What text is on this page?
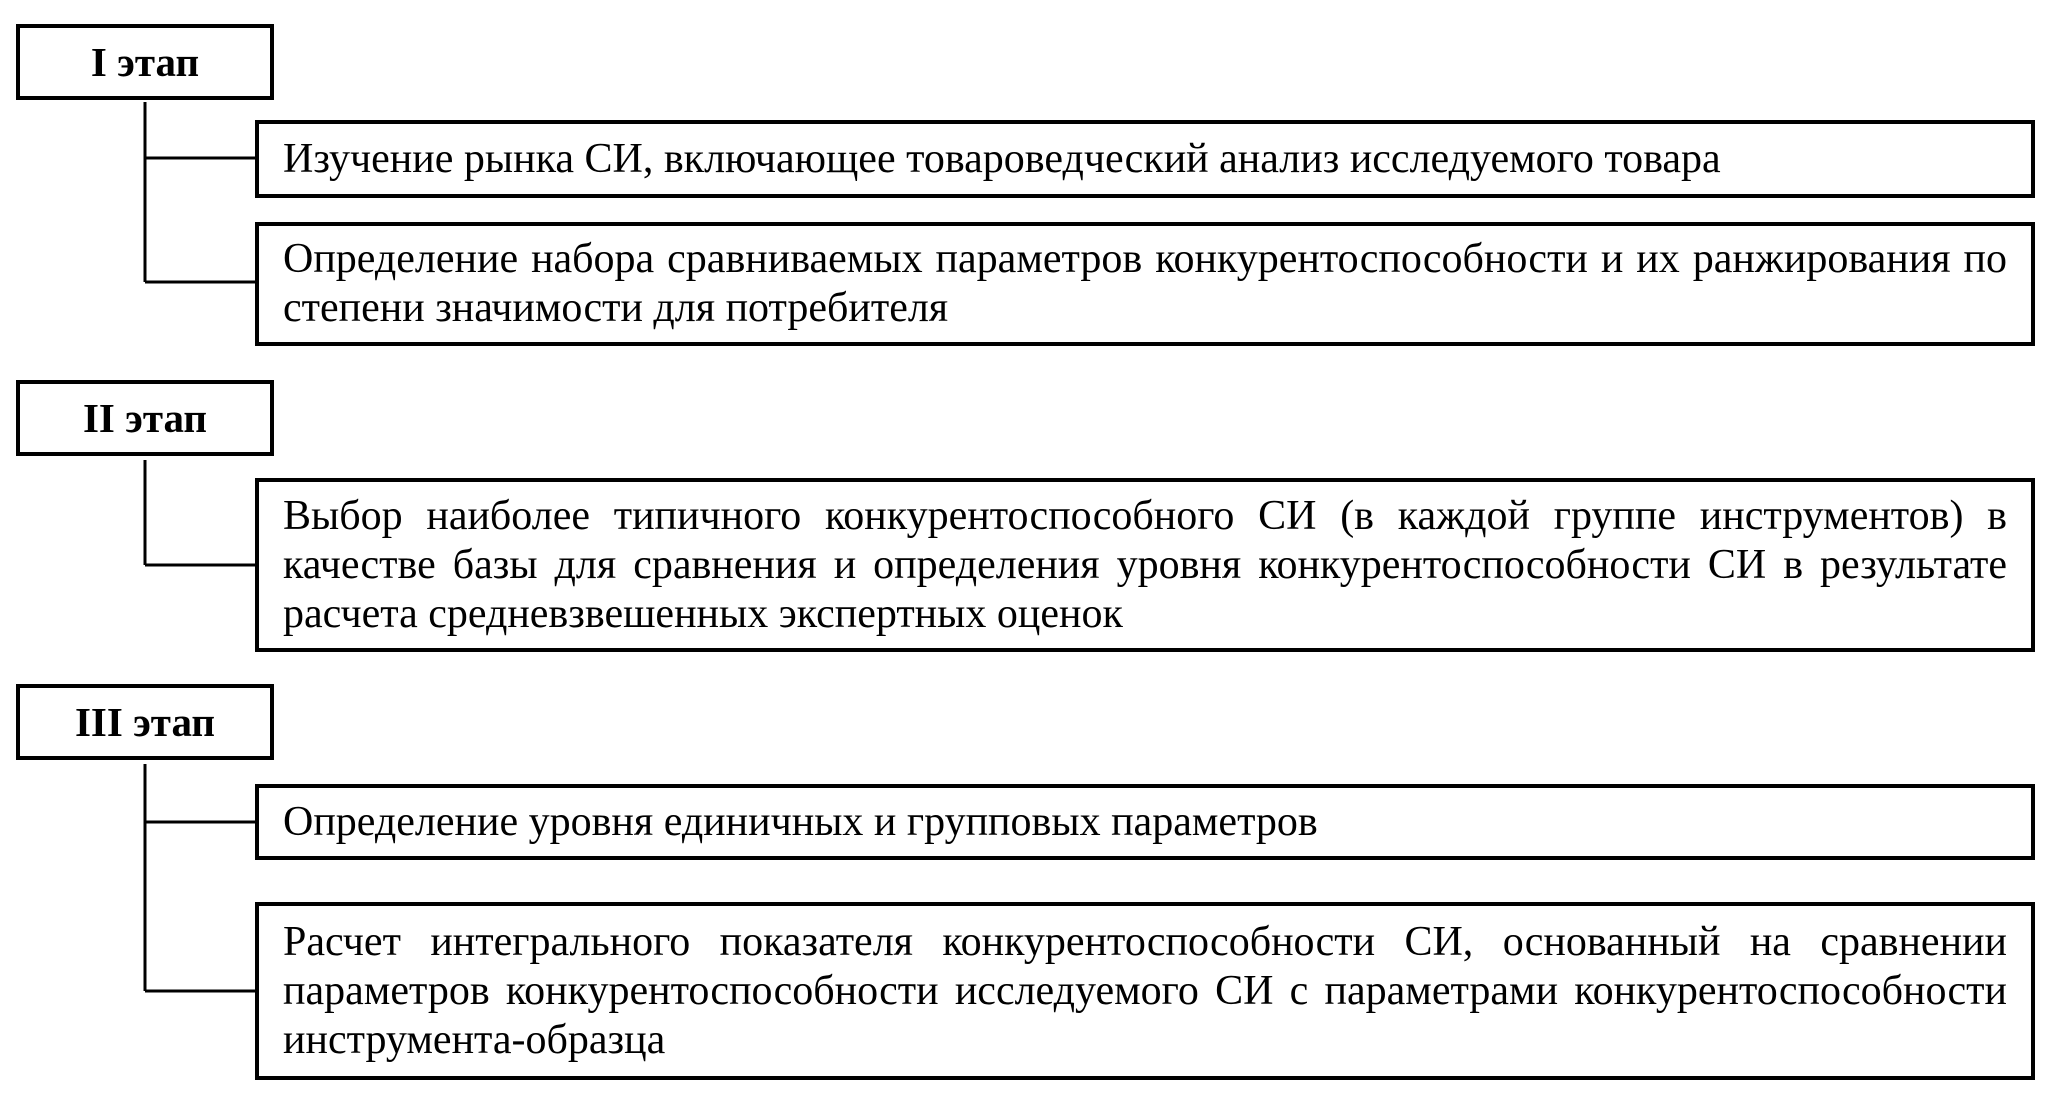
I этап
Изучение рынка СИ, включающее товароведческий анализ исследуемого товара
Определение набора сравниваемых параметров конкурентоспособности и их ранжирования по степени значимости для потребителя
II этап
Выбор наиболее типичного конкурентоспособного СИ (в каждой группе инструментов) в качестве базы для сравнения и определения уровня конкурентоспособности СИ в результате расчета средневзвешенных экспертных оценок
III этап
Определение уровня единичных и групповых параметров
Расчет интегрального показателя конкурентоспособности СИ, основанный на сравнении параметров конкурентоспособности исследуемого СИ с параметрами конкурентоспособности инструмента-образца
